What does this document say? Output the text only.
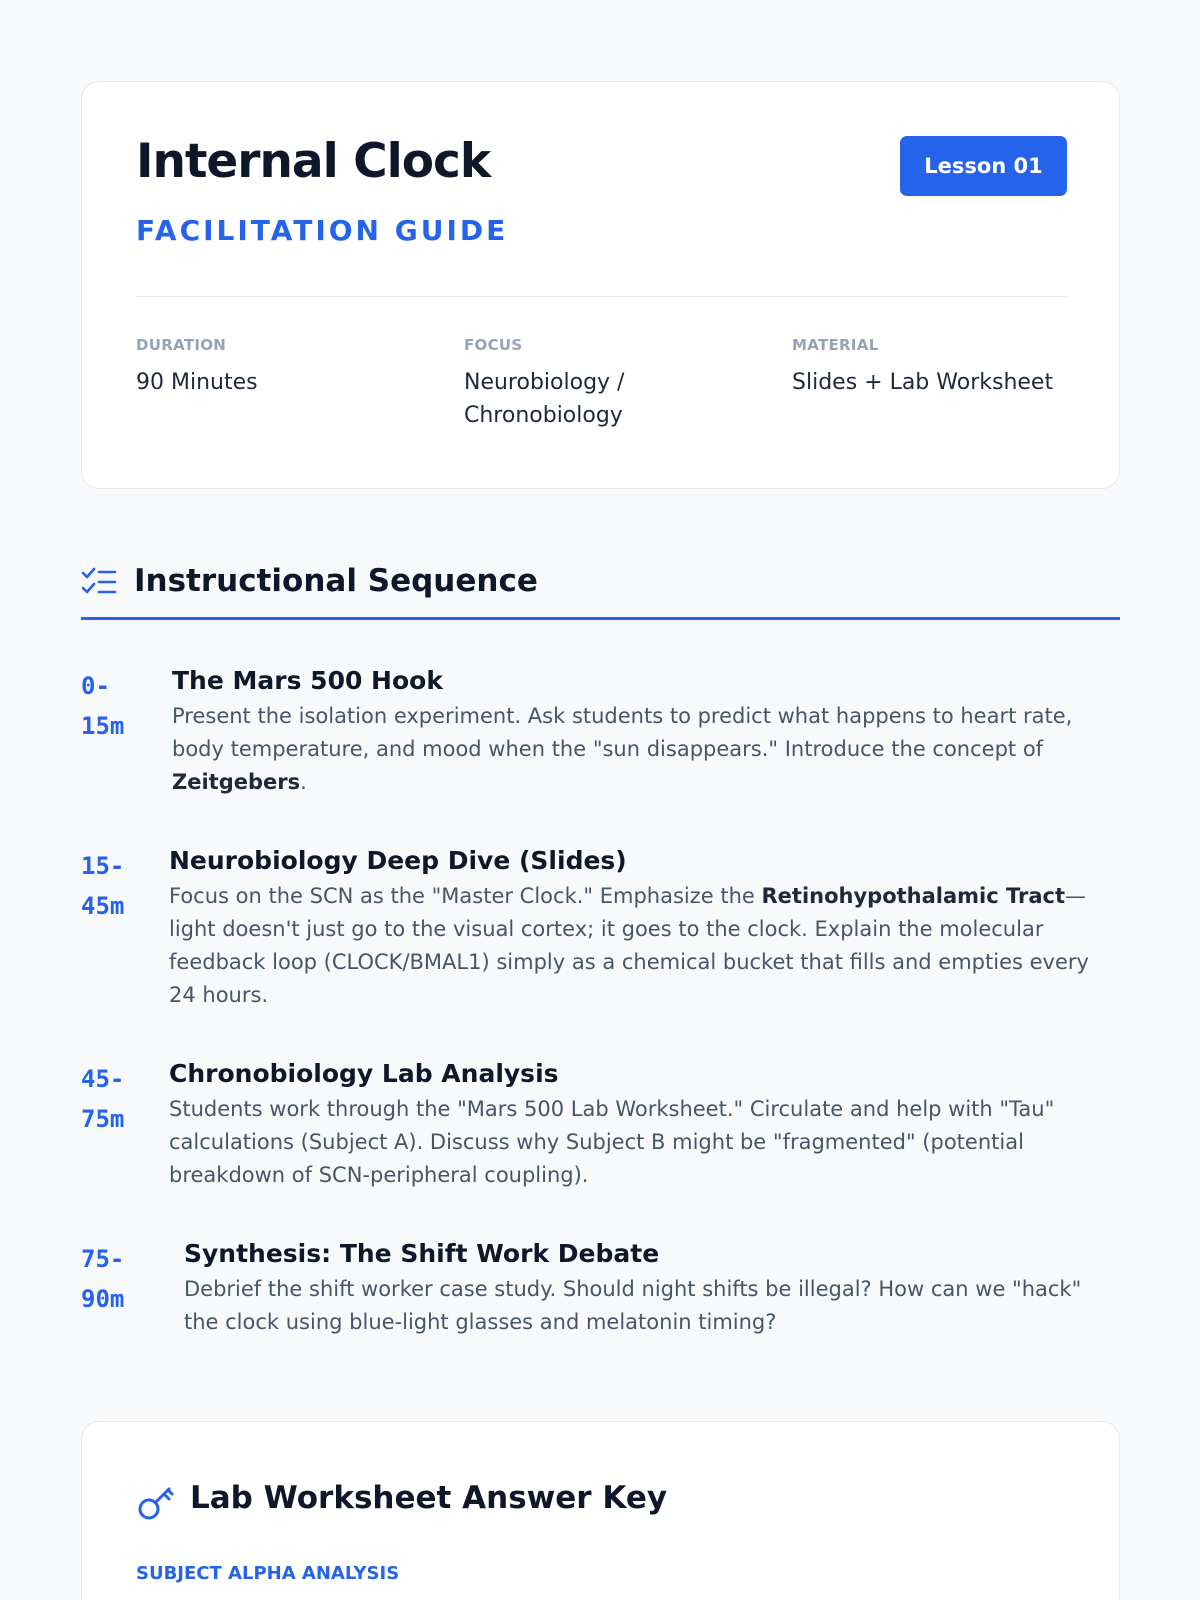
Internal Clock
FACILITATION GUIDE
Lesson 01
DURATION
90 Minutes
FOCUS
Neurobiology / Chronobiology
MATERIAL
Slides + Lab Worksheet
Instructional Sequence
0-15m
The Mars 500 Hook

Present the isolation experiment. Ask students to predict what happens to heart rate, body temperature, and mood when the "sun disappears." Introduce the concept of Zeitgebers.

15-45m
Neurobiology Deep Dive (Slides)

Focus on the SCN as the "Master Clock." Emphasize the Retinohypothalamic Tract—light doesn't just go to the visual cortex; it goes to the clock. Explain the molecular feedback loop (CLOCK/BMAL1) simply as a chemical bucket that fills and empties every 24 hours.

45-75m
Chronobiology Lab Analysis

Students work through the "Mars 500 Lab Worksheet." Circulate and help with "Tau" calculations (Subject A). Discuss why Subject B might be "fragmented" (potential breakdown of SCN-peripheral coupling).

75-90m
Synthesis: The Shift Work Debate

Debrief the shift worker case study. Should night shifts be illegal? How can we "hack" the clock using blue-light glasses and melatonin timing?

Lab Worksheet Answer Key
SUBJECT ALPHA ANALYSIS
